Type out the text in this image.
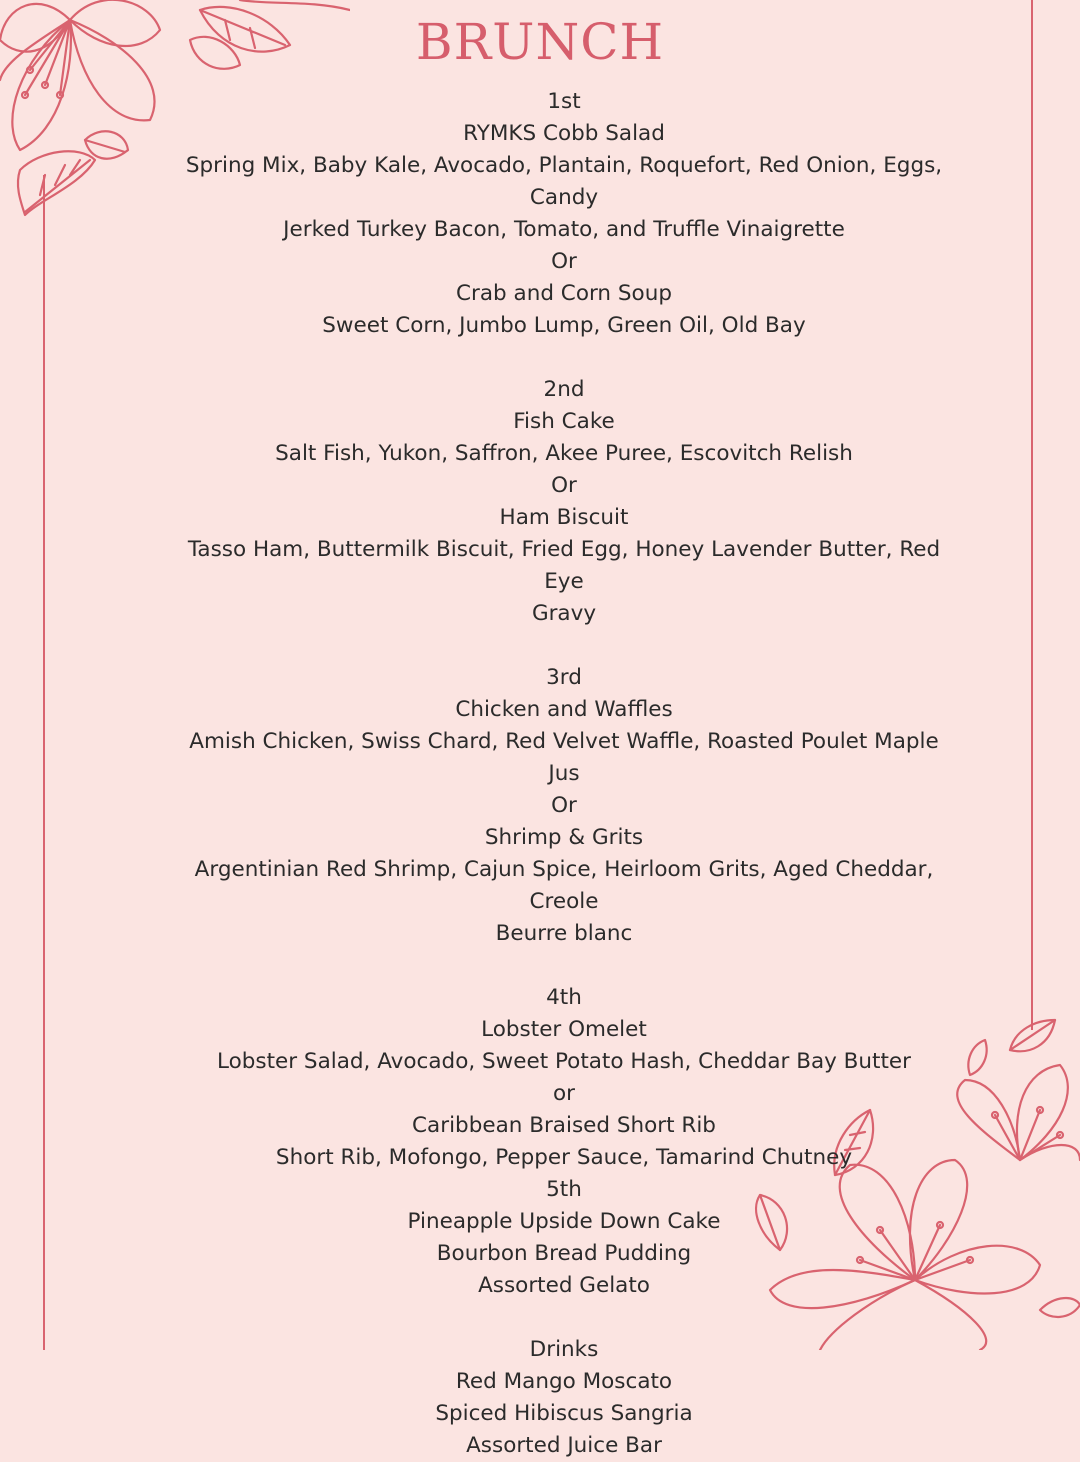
BRUNCH
1st
RYMKS Cobb Salad
Spring Mix, Baby Kale, Avocado, Plantain, Roquefort, Red Onion, Eggs, Candy
Jerked Turkey Bacon, Tomato, and Truffle Vinaigrette
Or
Crab and Corn Soup
Sweet Corn, Jumbo Lump, Green Oil, Old Bay
2nd
Fish Cake
Salt Fish, Yukon, Saffron, Akee Puree, Escovitch Relish
Or
Ham Biscuit
Tasso Ham, Buttermilk Biscuit, Fried Egg, Honey Lavender Butter, Red Eye
Gravy
3rd
Chicken and Waffles
Amish Chicken, Swiss Chard, Red Velvet Waffle, Roasted Poulet Maple Jus
Or
Shrimp & Grits
Argentinian Red Shrimp, Cajun Spice, Heirloom Grits, Aged Cheddar, Creole
Beurre blanc
4th
Lobster Omelet
Lobster Salad, Avocado, Sweet Potato Hash, Cheddar Bay Butter
or
Caribbean Braised Short Rib
Short Rib, Mofongo, Pepper Sauce, Tamarind Chutney
5th
Pineapple Upside Down Cake
Bourbon Bread Pudding
Assorted Gelato
Drinks
Red Mango Moscato
Spiced Hibiscus Sangria
Assorted Juice Bar
